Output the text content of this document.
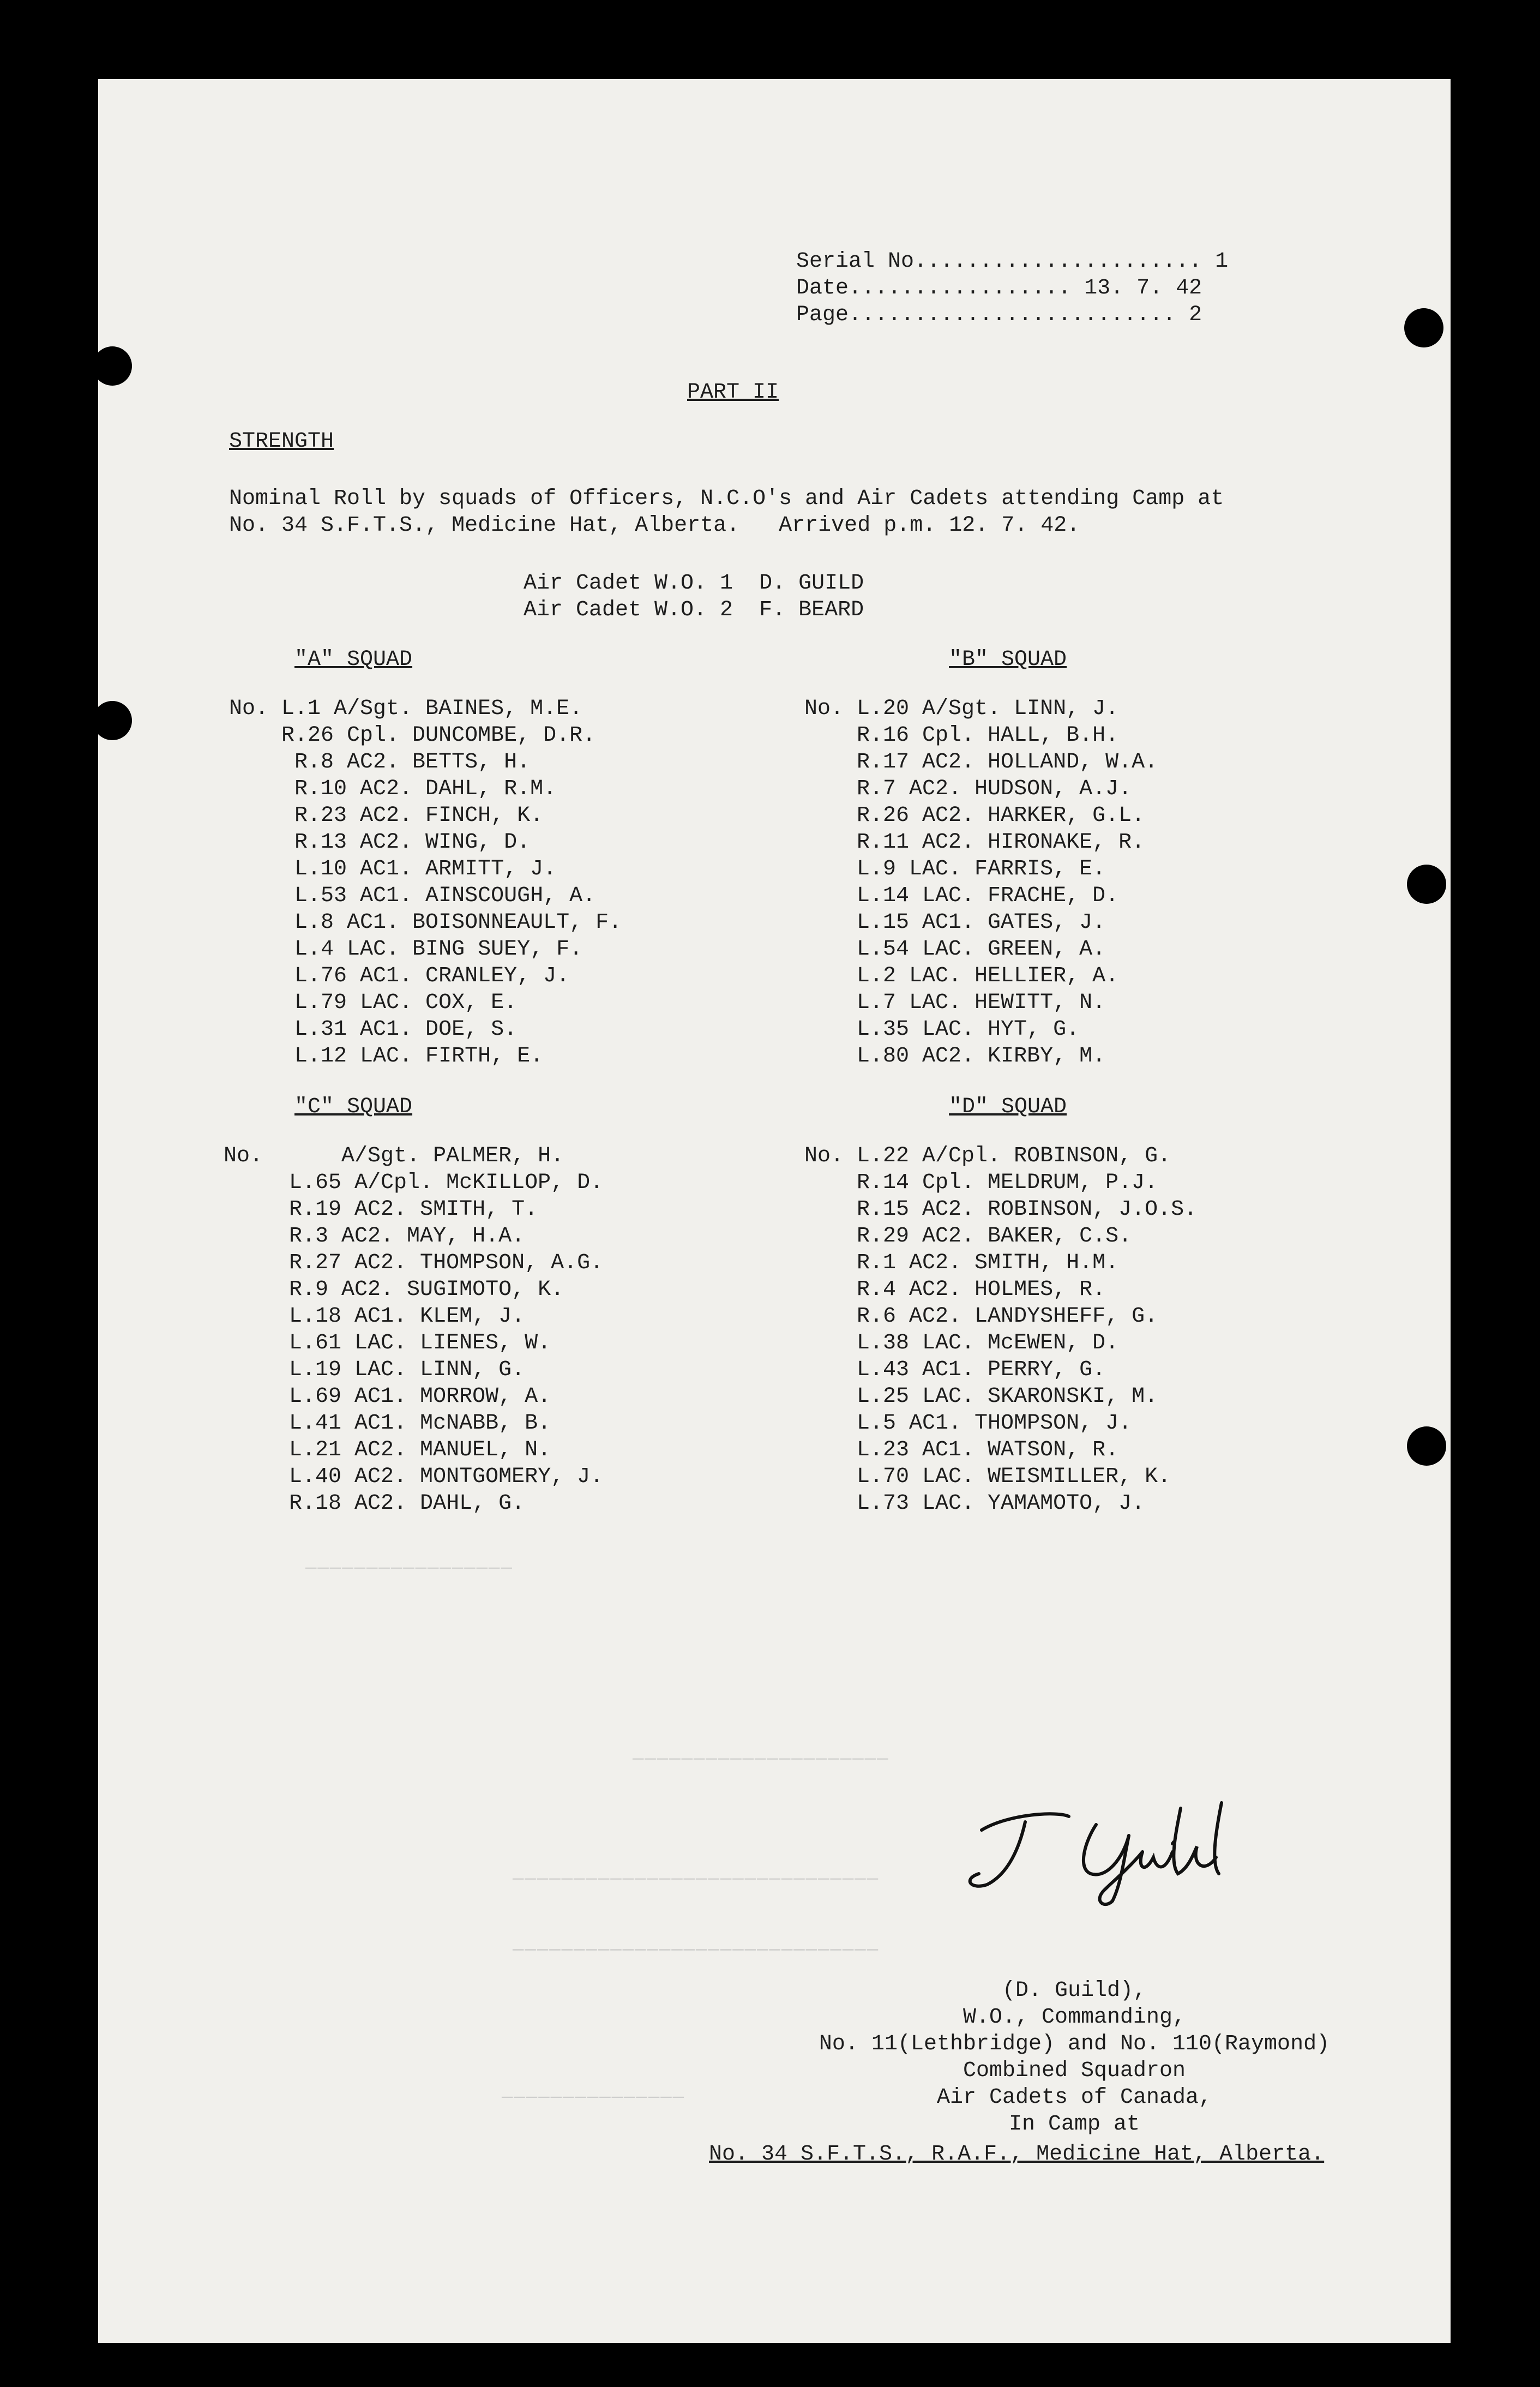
_________________
_____________________
______________________________
______________________________
_______________
Serial No...................... 1
Date................. 13. 7. 42
Page......................... 2
PART II
STRENGTH
Nominal Roll by squads of Officers, N.C.O's and Air Cadets attending Camp at
No. 34 S.F.T.S., Medicine Hat, Alberta.   Arrived p.m. 12. 7. 42.
Air Cadet W.O. 1  D. GUILD
Air Cadet W.O. 2  F. BEARD
"A" SQUAD
No. L.1 A/Sgt. BAINES, M.E.
R.26 Cpl. DUNCOMBE, D.R.
R.8 AC2. BETTS, H.
R.10 AC2. DAHL, R.M.
R.23 AC2. FINCH, K.
R.13 AC2. WING, D.
L.10 AC1. ARMITT, J.
L.53 AC1. AINSCOUGH, A.
L.8 AC1. BOISONNEAULT, F.
L.4 LAC. BING SUEY, F.
L.76 AC1. CRANLEY, J.
L.79 LAC. COX, E.
L.31 AC1. DOE, S.
L.12 LAC. FIRTH, E.
"B" SQUAD
No. L.20 A/Sgt. LINN, J.
R.16 Cpl. HALL, B.H.
R.17 AC2. HOLLAND, W.A.
R.7 AC2. HUDSON, A.J.
R.26 AC2. HARKER, G.L.
R.11 AC2. HIRONAKE, R.
L.9 LAC. FARRIS, E.
L.14 LAC. FRACHE, D.
L.15 AC1. GATES, J.
L.54 LAC. GREEN, A.
L.2 LAC. HELLIER, A.
L.7 LAC. HEWITT, N.
L.35 LAC. HYT, G.
L.80 AC2. KIRBY, M.
"C" SQUAD
No.      A/Sgt. PALMER, H.
L.65 A/Cpl. McKILLOP, D.
R.19 AC2. SMITH, T.
R.3 AC2. MAY, H.A.
R.27 AC2. THOMPSON, A.G.
R.9 AC2. SUGIMOTO, K.
L.18 AC1. KLEM, J.
L.61 LAC. LIENES, W.
L.19 LAC. LINN, G.
L.69 AC1. MORROW, A.
L.41 AC1. McNABB, B.
L.21 AC2. MANUEL, N.
L.40 AC2. MONTGOMERY, J.
R.18 AC2. DAHL, G.
"D" SQUAD
No. L.22 A/Cpl. ROBINSON, G.
R.14 Cpl. MELDRUM, P.J.
R.15 AC2. ROBINSON, J.O.S.
R.29 AC2. BAKER, C.S.
R.1 AC2. SMITH, H.M.
R.4 AC2. HOLMES, R.
R.6 AC2. LANDYSHEFF, G.
L.38 LAC. McEWEN, D.
L.43 AC1. PERRY, G.
L.25 LAC. SKARONSKI, M.
L.5 AC1. THOMPSON, J.
L.23 AC1. WATSON, R.
L.70 LAC. WEISMILLER, K.
L.73 LAC. YAMAMOTO, J.
(D. Guild),
W.O., Commanding,
No. 11(Lethbridge) and No. 110(Raymond)
Combined Squadron
Air Cadets of Canada,
In Camp at
No. 34 S.F.T.S., R.A.F., Medicine Hat, Alberta.
